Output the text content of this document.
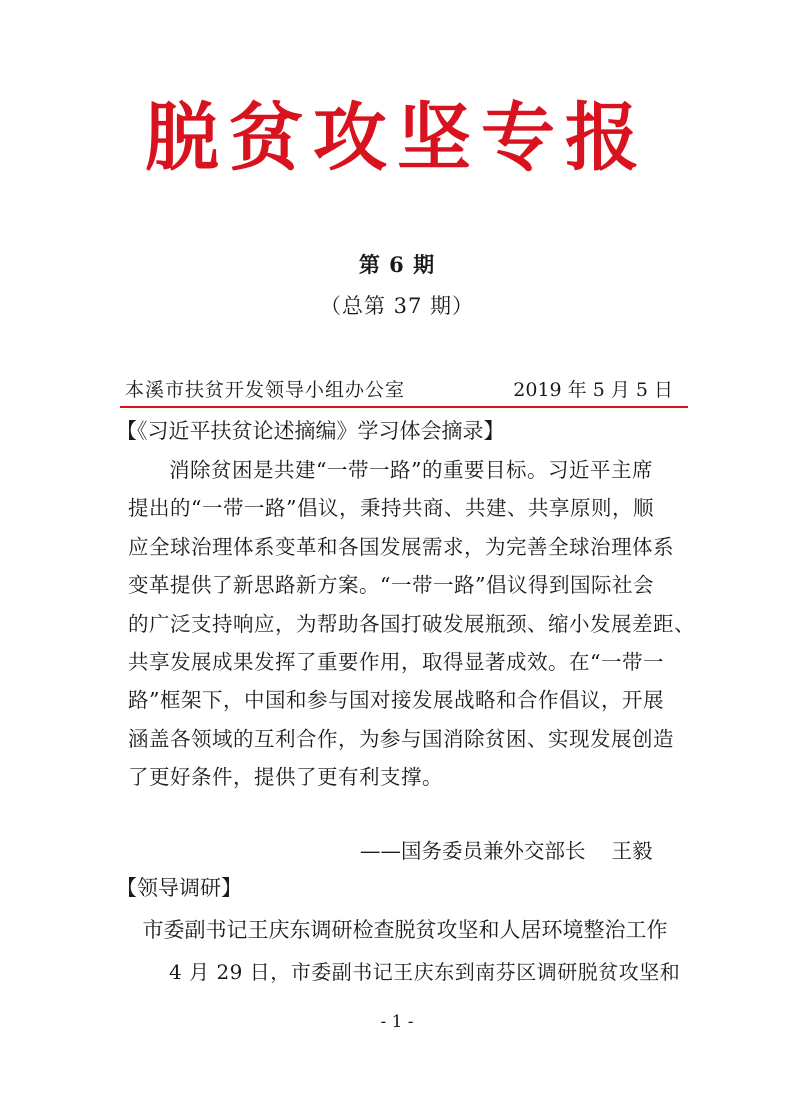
脱贫攻坚专报
第 6 期
（总第 37 期）
本溪市扶贫开发领导小组办公室	2019 年 5 月 5 日
【《习近平扶贫论述摘编》学习体会摘录】
消除贫困是共建“一带一路”的重要目标。习近平主席
提出的“一带一路”倡议，秉持共商、共建、共享原则，顺
应全球治理体系变革和各国发展需求，为完善全球治理体系
变革提供了新思路新方案。“一带一路”倡议得到国际社会
的广泛支持响应，为帮助各国打破发展瓶颈、缩小发展差距、
共享发展成果发挥了重要作用，取得显著成效。在“一带一
路”框架下，中国和参与国对接发展战略和合作倡议，开展
涵盖各领域的互利合作，为参与国消除贫困、实现发展创造
了更好条件，提供了更有利支撑。
——国务委员兼外交部长 王毅
【领导调研】
市委副书记王庆东调研检查脱贫攻坚和人居环境整治工作
4 月 29 日，市委副书记王庆东到南芬区调研脱贫攻坚和
- 1 -
